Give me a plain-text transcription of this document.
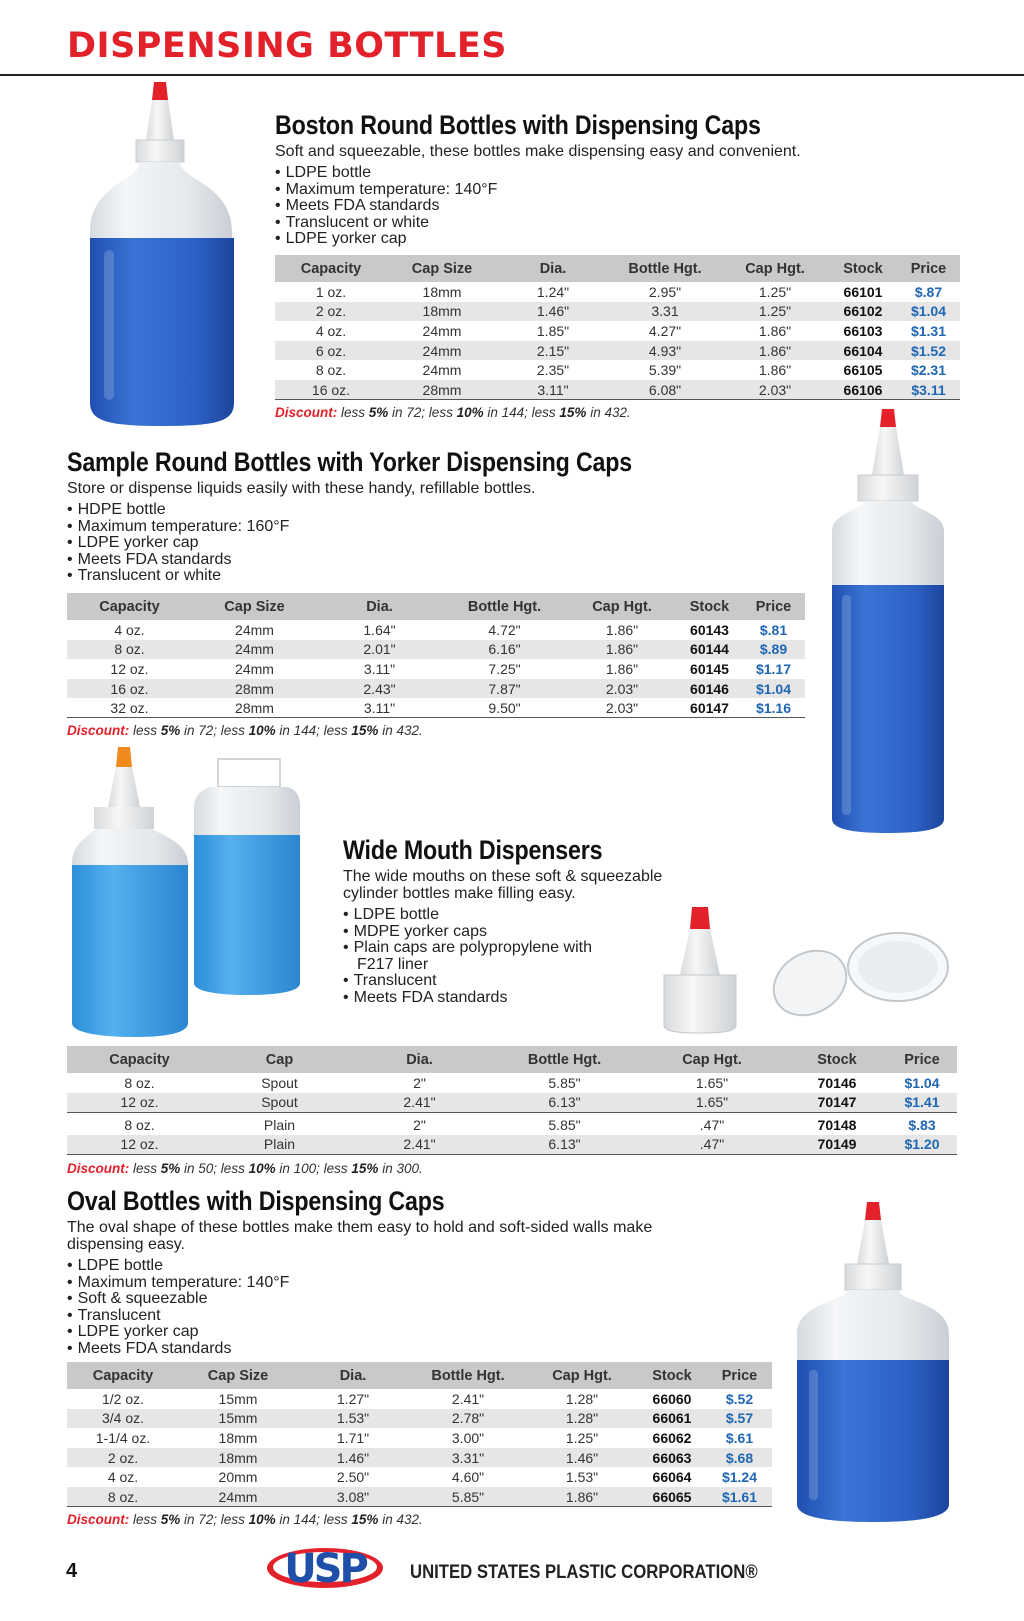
DISPENSING BOTTLES
Boston Round Bottles with Dispensing Caps
Soft and squeezable, these bottles make dispensing easy and convenient.
• LDPE bottle
• Maximum temperature: 140°F
• Meets FDA standards
• Translucent or white
• LDPE yorker cap
Capacity	Cap Size	Dia.	Bottle Hgt.	Cap Hgt.	Stock	Price
1 oz.	18mm	1.24"	2.95"	1.25"	66101	$.87
2 oz.	18mm	1.46"	3.31	1.25"	66102	$1.04
4 oz.	24mm	1.85"	4.27"	1.86"	66103	$1.31
6 oz.	24mm	2.15"	4.93"	1.86"	66104	$1.52
8 oz.	24mm	2.35"	5.39"	1.86"	66105	$2.31
16 oz.	28mm	3.11"	6.08"	2.03"	66106	$3.11
Discount: less 5% in 72; less 10% in 144; less 15% in 432.
Sample Round Bottles with Yorker Dispensing Caps
Store or dispense liquids easily with these handy, refillable bottles.
• HDPE bottle
• Maximum temperature: 160°F
• LDPE yorker cap
• Meets FDA standards
• Translucent or white
Capacity	Cap Size	Dia.	Bottle Hgt.	Cap Hgt.	Stock	Price
4 oz.	24mm	1.64"	4.72"	1.86"	60143	$.81
8 oz.	24mm	2.01"	6.16"	1.86"	60144	$.89
12 oz.	24mm	3.11"	7.25"	1.86"	60145	$1.17
16 oz.	28mm	2.43"	7.87"	2.03"	60146	$1.04
32 oz.	28mm	3.11"	9.50"	2.03"	60147	$1.16
Discount: less 5% in 72; less 10% in 144; less 15% in 432.
Wide Mouth Dispensers
The wide mouths on these soft & squeezable cylinder bottles make filling easy.
• LDPE bottle
• MDPE yorker caps
• Plain caps are polypropylene with
F217 liner
• Translucent
• Meets FDA standards
Capacity	Cap	Dia.	Bottle Hgt.	Cap Hgt.	Stock	Price
8 oz.	Spout	2"	5.85"	1.65"	70146	$1.04
12 oz.	Spout	2.41"	6.13"	1.65"	70147	$1.41

8 oz.	Plain	2"	5.85"	.47"	70148	$.83
12 oz.	Plain	2.41"	6.13"	.47"	70149	$1.20
Discount: less 5% in 50; less 10% in 100; less 15% in 300.
Oval Bottles with Dispensing Caps
The oval shape of these bottles make them easy to hold and soft-sided walls make dispensing easy.
• LDPE bottle
• Maximum temperature: 140°F
• Soft & squeezable
• Translucent
• LDPE yorker cap
• Meets FDA standards
Capacity	Cap Size	Dia.	Bottle Hgt.	Cap Hgt.	Stock	Price
1/2 oz.	15mm	1.27"	2.41"	1.28"	66060	$.52
3/4 oz.	15mm	1.53"	2.78"	1.28"	66061	$.57
1-1/4 oz.	18mm	1.71"	3.00"	1.25"	66062	$.61
2 oz.	18mm	1.46"	3.31"	1.46"	66063	$.68
4 oz.	20mm	2.50"	4.60"	1.53"	66064	$1.24
8 oz.	24mm	3.08"	5.85"	1.86"	66065	$1.61
Discount: less 5% in 72; less 10% in 144; less 15% in 432.
4	USP UNITED STATES PLASTIC CORPORATION®
